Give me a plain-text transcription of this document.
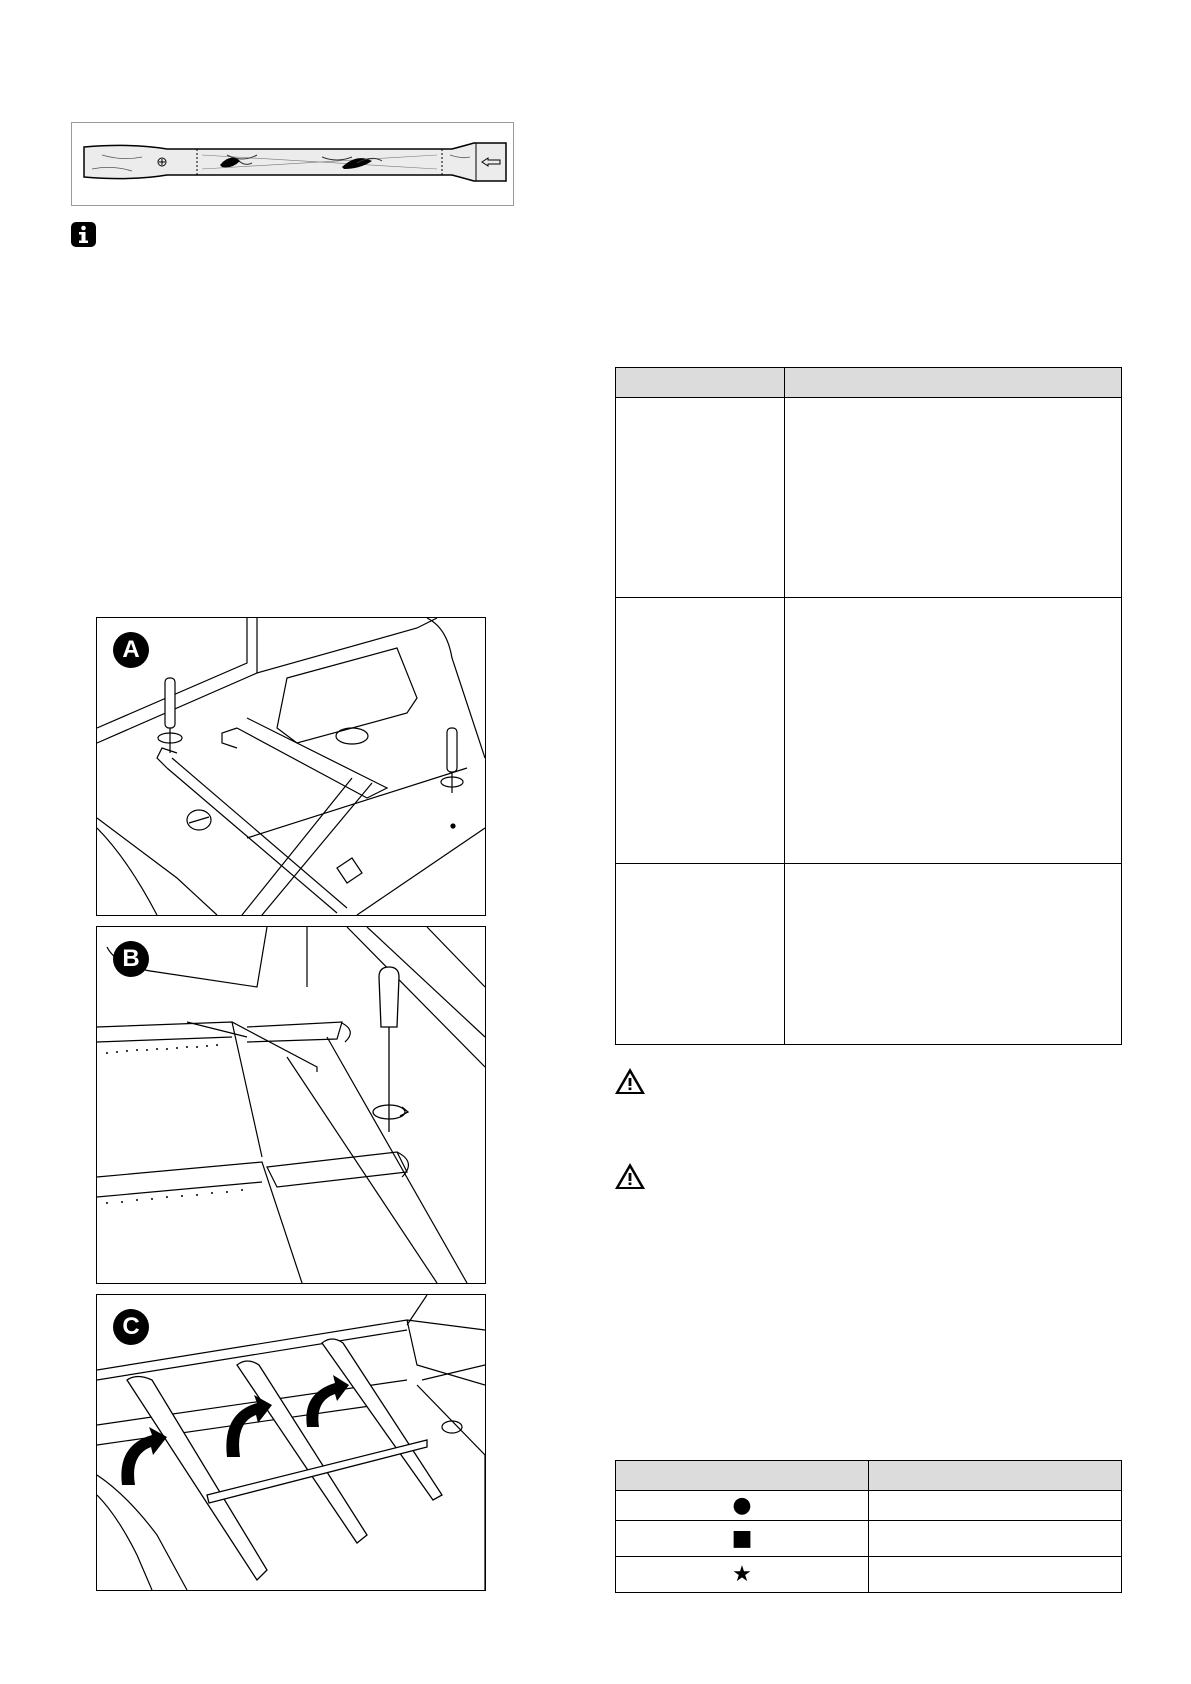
A
B
C

●	
■	
★	
